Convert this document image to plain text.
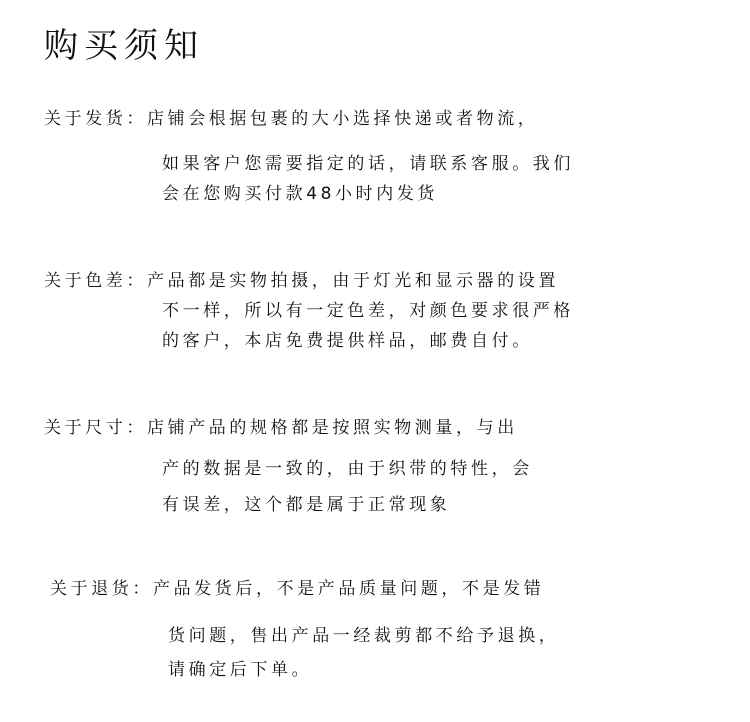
购买须知
关于发货：店铺会根据包裹的大小选择快递或者物流，
如果客户您需要指定的话，请联系客服。我们
会在您购买付款48小时内发货
关于色差：产品都是实物拍摄，由于灯光和显示器的设置
不一样，所以有一定色差，对颜色要求很严格
的客户，本店免费提供样品，邮费自付。
关于尺寸：店铺产品的规格都是按照实物测量，与出
产的数据是一致的，由于织带的特性，会
有误差，这个都是属于正常现象
关于退货：产品发货后，不是产品质量问题，不是发错
货问题，售出产品一经裁剪都不给予退换，
请确定后下单。
